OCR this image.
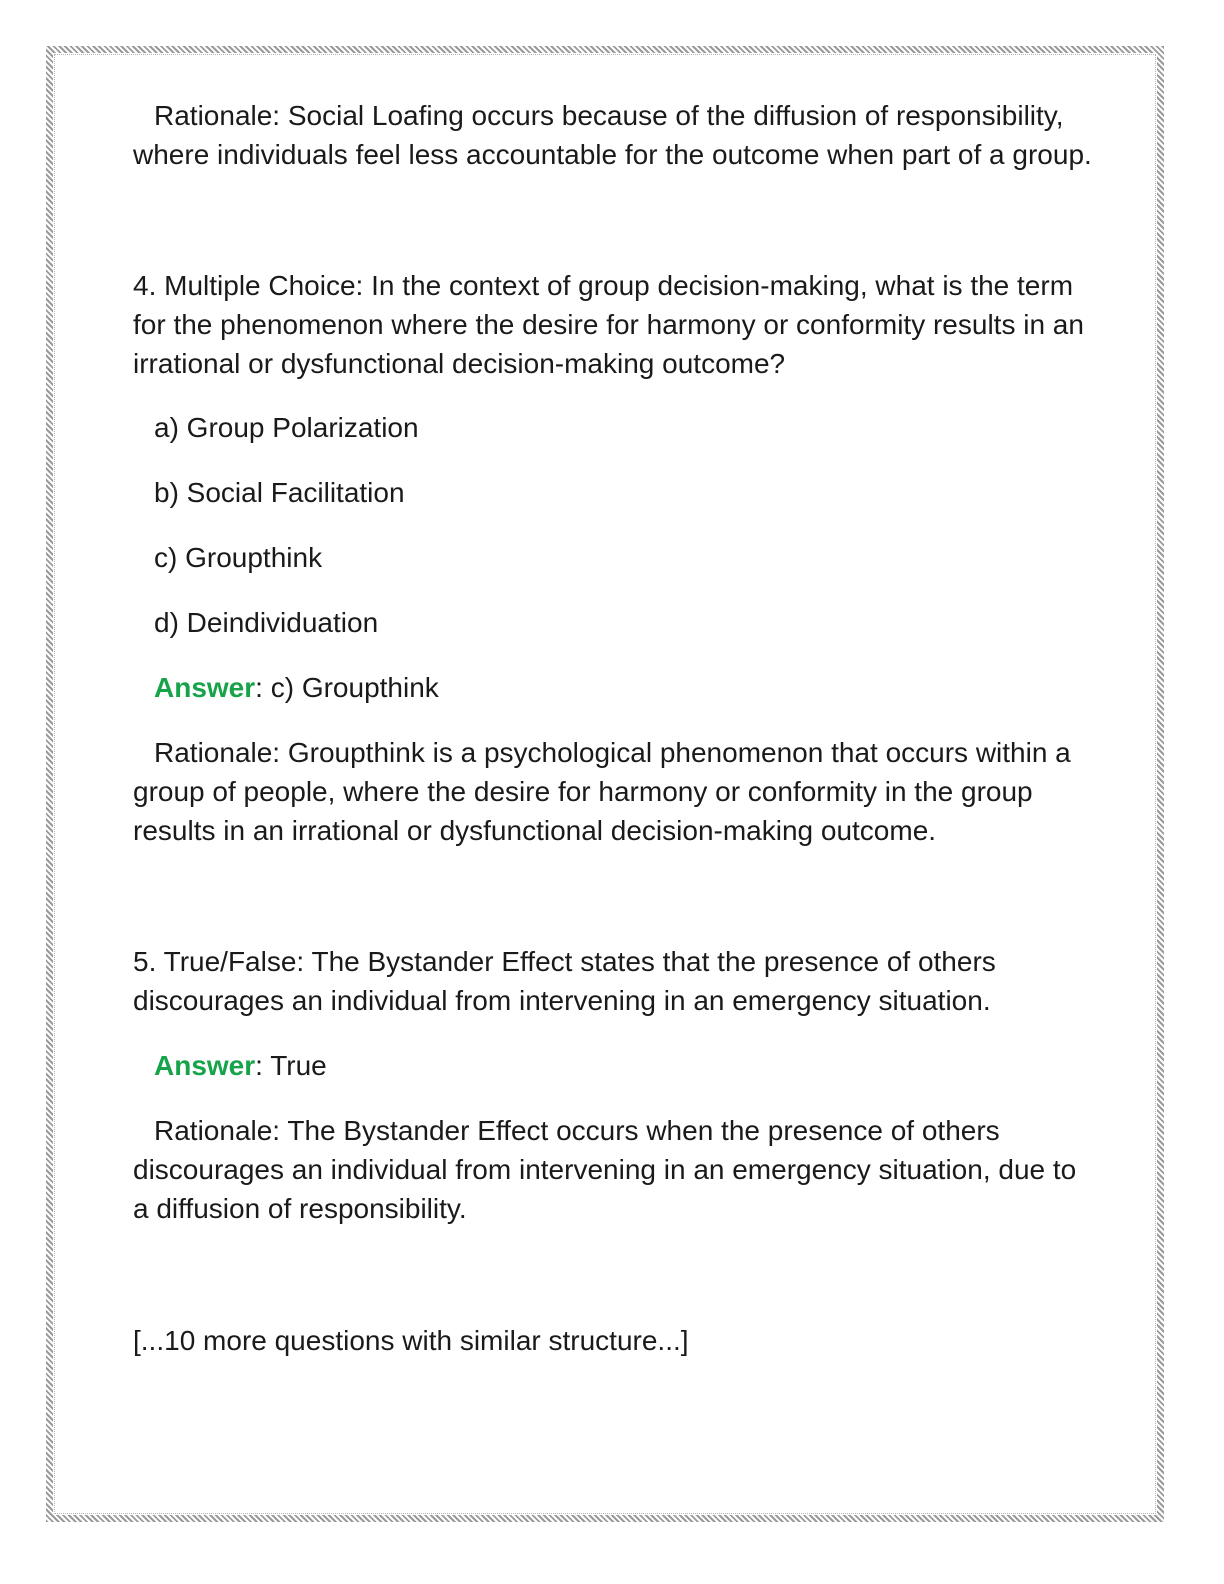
Rationale: Social Loafing occurs because of the diffusion of responsibility, where individuals feel less accountable for the outcome when part of a group.

4. Multiple Choice: In the context of group decision-making, what is the term for the phenomenon where the desire for harmony or conformity results in an irrational or dysfunctional decision-making outcome?

a) Group Polarization

b) Social Facilitation

c) Groupthink

d) Deindividuation

Answer: c) Groupthink

Rationale: Groupthink is a psychological phenomenon that occurs within a group of people, where the desire for harmony or conformity in the group results in an irrational or dysfunctional decision-making outcome.

5. True/False: The Bystander Effect states that the presence of others discourages an individual from intervening in an emergency situation.

Answer: True

Rationale: The Bystander Effect occurs when the presence of others discourages an individual from intervening in an emergency situation, due to a diffusion of responsibility.

[...10 more questions with similar structure...]
